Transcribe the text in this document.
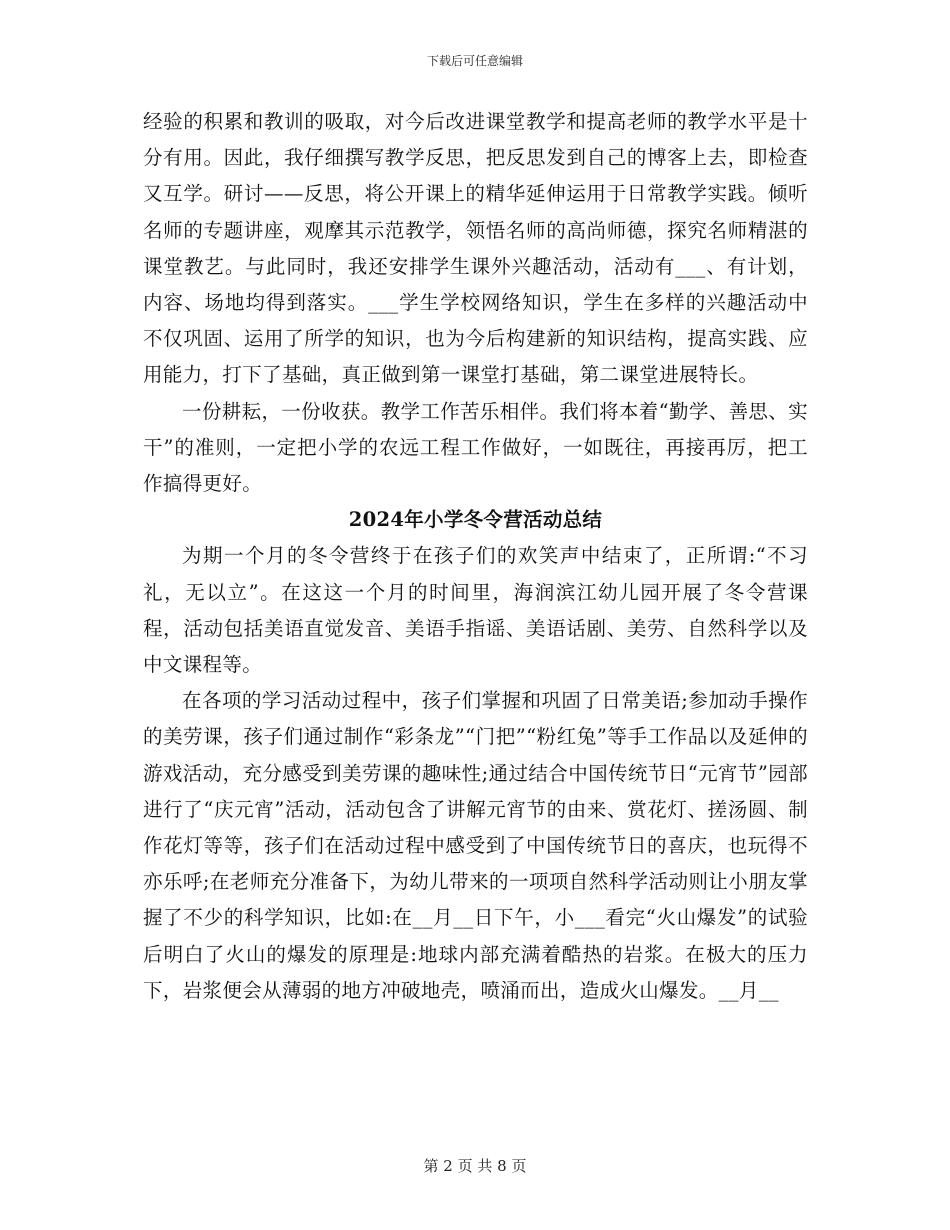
下载后可任意编辑

经验的积累和教训的吸取，对今后改进课堂教学和提高老师的教学水平是十分有用。因此，我仔细撰写教学反思，把反思发到自己的博客上去，即检查又互学。研讨——反思，将公开课上的精华延伸运用于日常教学实践。倾听名师的专题讲座，观摩其示范教学，领悟名师的高尚师德，探究名师精湛的课堂教艺。与此同时，我还安排学生课外兴趣活动，活动有___、有计划，内容、场地均得到落实。___学生学校网络知识，学生在多样的兴趣活动中不仅巩固、运用了所学的知识，也为今后构建新的知识结构，提高实践、应用能力，打下了基础，真正做到第一课堂打基础，第二课堂进展特长。

一份耕耘，一份收获。教学工作苦乐相伴。我们将本着“勤学、善思、实干”的准则，一定把小学的农远工程工作做好，一如既往，再接再厉，把工作搞得更好。

2024年小学冬令营活动总结

为期一个月的冬令营终于在孩子们的欢笑声中结束了，正所谓:“不习礼，无以立”。在这这一个月的时间里，海润滨江幼儿园开展了冬令营课程，活动包括美语直觉发音、美语手指谣、美语话剧、美劳、自然科学以及中文课程等。

在各项的学习活动过程中，孩子们掌握和巩固了日常美语;参加动手操作的美劳课，孩子们通过制作“彩条龙”“门把”“粉红兔”等手工作品以及延伸的游戏活动，充分感受到美劳课的趣味性;通过结合中国传统节日“元宵节”园部进行了“庆元宵”活动，活动包含了讲解元宵节的由来、赏花灯、搓汤圆、制作花灯等等，孩子们在活动过程中感受到了中国传统节日的喜庆，也玩得不亦乐呼;在老师充分准备下，为幼儿带来的一项项自然科学活动则让小朋友掌握了不少的科学知识，比如:在__月__日下午，小___看完“火山爆发”的试验后明白了火山的爆发的原理是:地球内部充满着酷热的岩浆。在极大的压力下，岩浆便会从薄弱的地方冲破地壳，喷涌而出，造成火山爆发。__月__

第 2 页 共 8 页
